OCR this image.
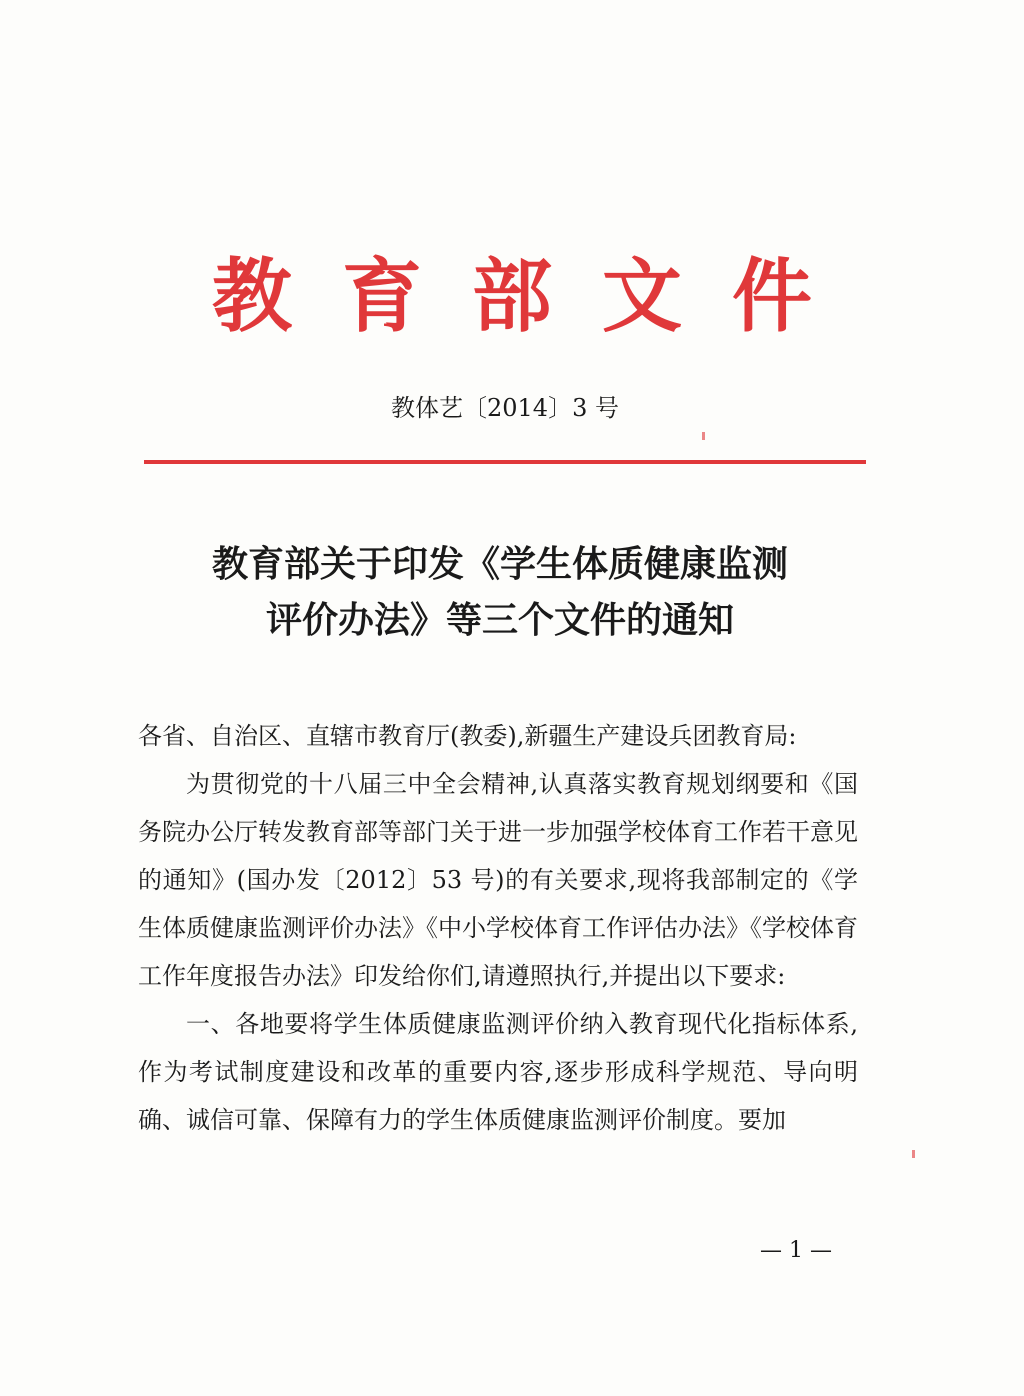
教 育 部 文 件
教体艺〔2014〕3 号
教育部关于印发《学生体质健康监测
评价办法》等三个文件的通知

各省、自治区、直辖市教育厅(教委),新疆生产建设兵团教育局:

为贯彻党的十八届三中全会精神,认真落实教育规划纲要和《国务院办公厅转发教育部等部门关于进一步加强学校体育工作若干意见的通知》(国办发〔2012〕53 号)的有关要求,现将我部制定的《学生体质健康监测评价办法》《中小学校体育工作评估办法》《学校体育工作年度报告办法》印发给你们,请遵照执行,并提出以下要求:

一、各地要将学生体质健康监测评价纳入教育现代化指标体系,作为考试制度建设和改革的重要内容,逐步形成科学规范、导向明确、诚信可靠、保障有力的学生体质健康监测评价制度。要加

— 1 —
